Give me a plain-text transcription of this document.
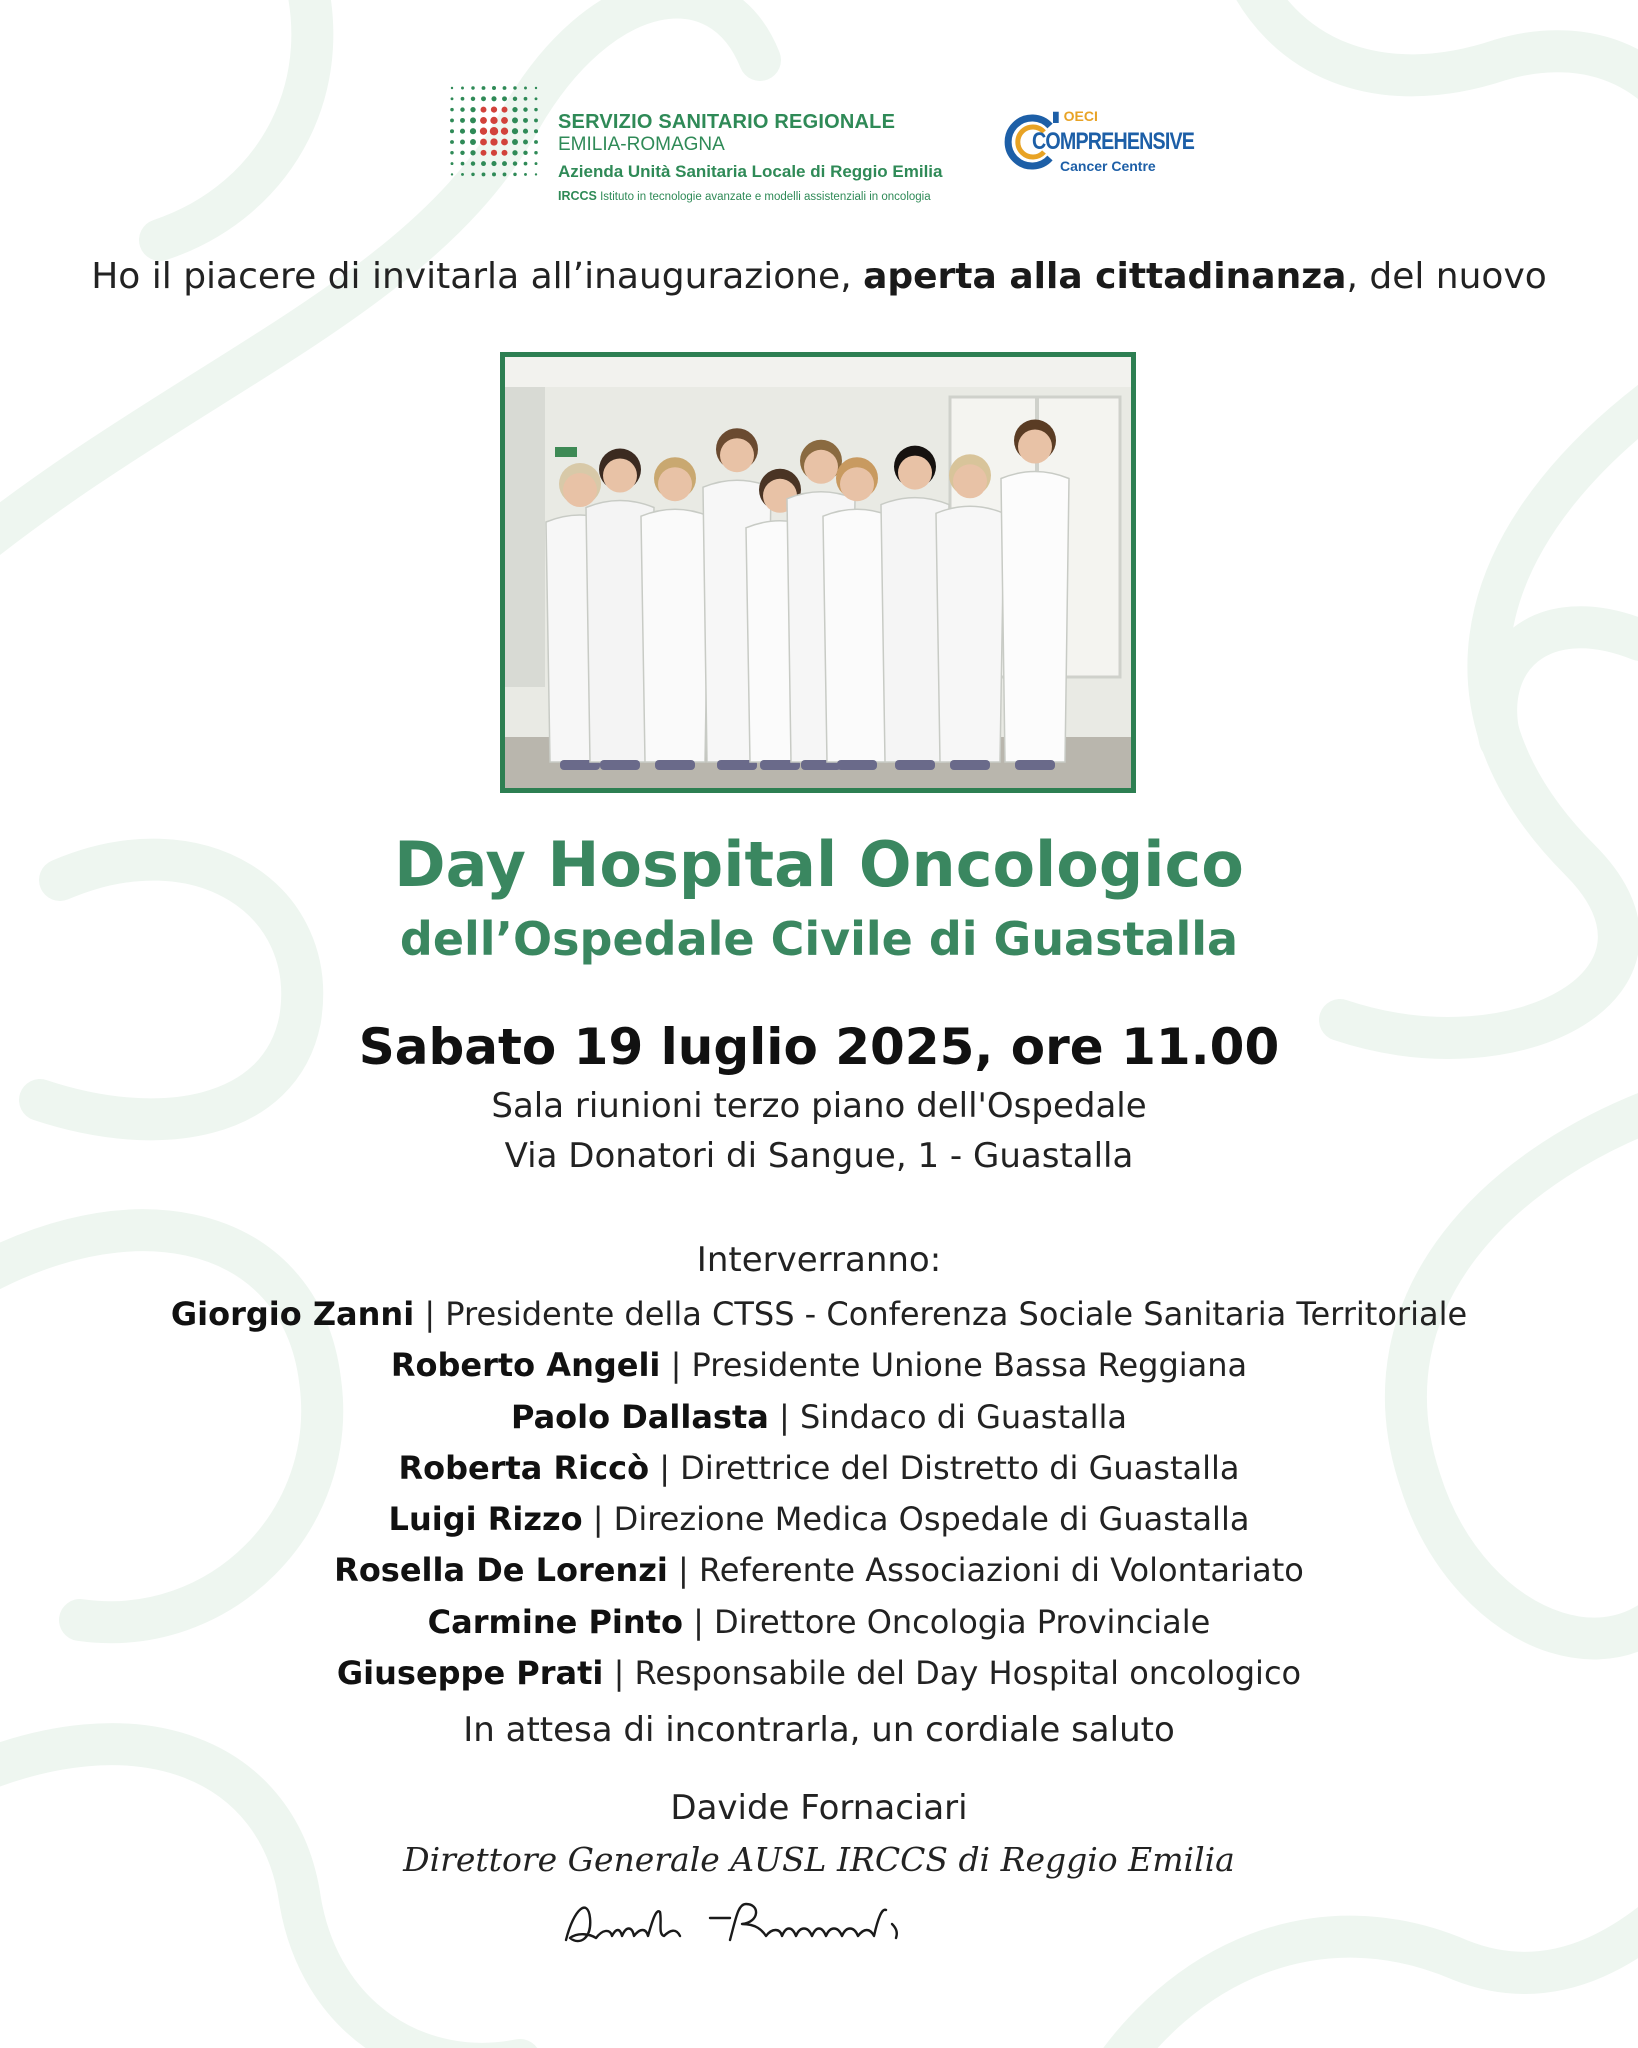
SERVIZIO SANITARIO REGIONALE
EMILIA-ROMAGNA
Azienda Unità Sanitaria Locale di Reggio Emilia
IRCCS Istituto in tecnologie avanzate e modelli assistenziali in oncologia
▮ OECI
COMPREHENSIVE
Cancer Centre
Ho il piacere di invitarla all’inaugurazione, aperta alla cittadinanza, del nuovo
Day Hospital Oncologico
dell’Ospedale Civile di Guastalla
Sabato 19 luglio 2025, ore 11.00
Sala riunioni terzo piano dell'Ospedale
Via Donatori di Sangue, 1 - Guastalla
Interverranno:
Giorgio Zanni | Presidente della CTSS - Conferenza Sociale Sanitaria Territoriale
Roberto Angeli | Presidente Unione Bassa Reggiana
Paolo Dallasta | Sindaco di Guastalla
Roberta Riccò | Direttrice del Distretto di Guastalla
Luigi Rizzo | Direzione Medica Ospedale di Guastalla
Rosella De Lorenzi | Referente Associazioni di Volontariato
Carmine Pinto | Direttore Oncologia Provinciale
Giuseppe Prati | Responsabile del Day Hospital oncologico
In attesa di incontrarla, un cordiale saluto
Davide Fornaciari
Direttore Generale AUSL IRCCS di Reggio Emilia
